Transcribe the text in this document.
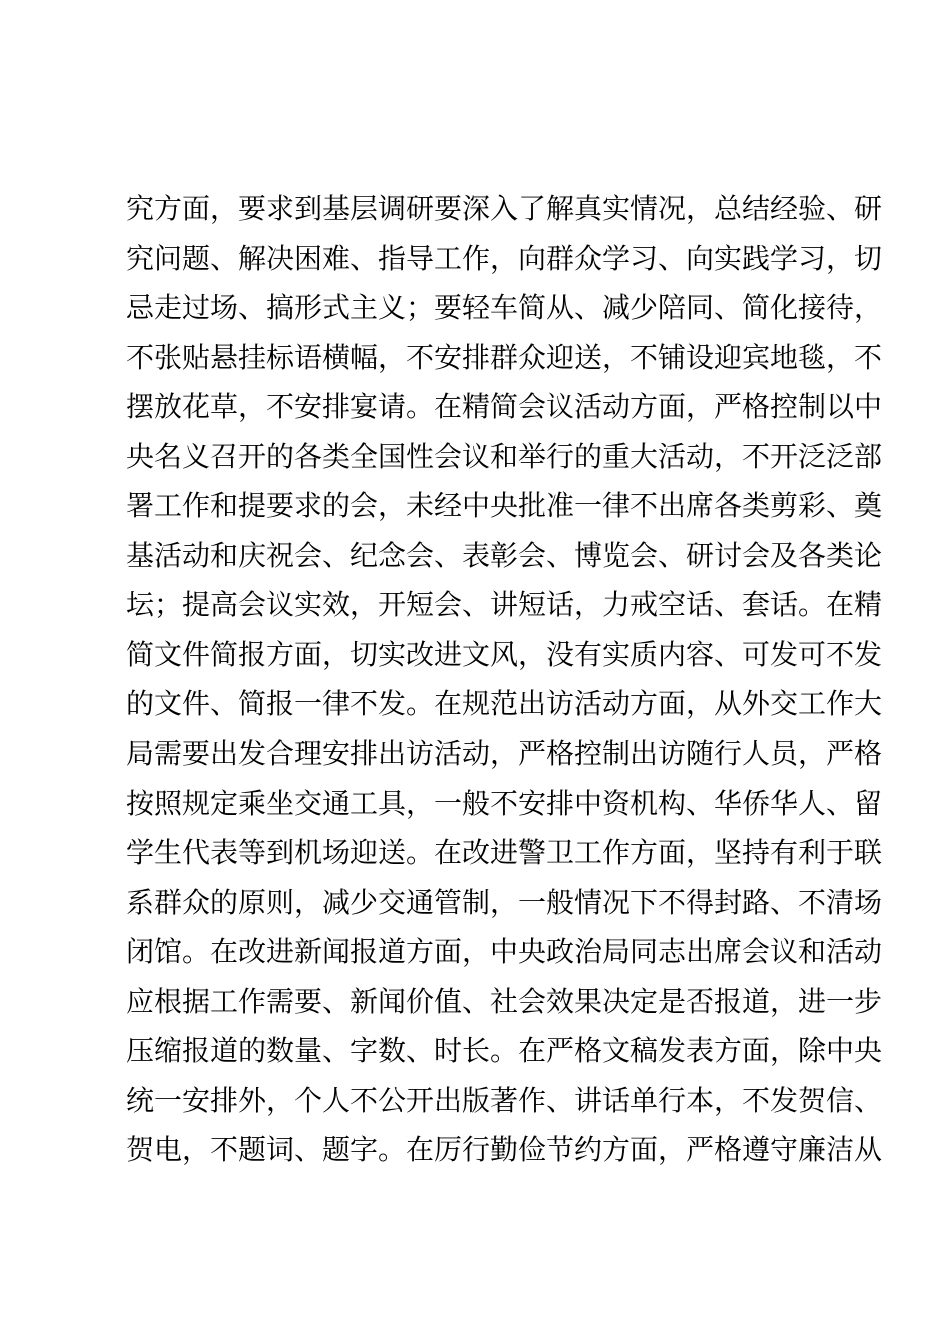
究方面，要求到基层调研要深入了解真实情况，总结经验、研
究问题、解决困难、指导工作，向群众学习、向实践学习，切
忌走过场、搞形式主义；要轻车简从、减少陪同、简化接待，
不张贴悬挂标语横幅，不安排群众迎送，不铺设迎宾地毯，不
摆放花草，不安排宴请。在精简会议活动方面，严格控制以中
央名义召开的各类全国性会议和举行的重大活动，不开泛泛部
署工作和提要求的会，未经中央批准一律不出席各类剪彩、奠
基活动和庆祝会、纪念会、表彰会、博览会、研讨会及各类论
坛；提高会议实效，开短会、讲短话，力戒空话、套话。在精
简文件简报方面，切实改进文风，没有实质内容、可发可不发
的文件、简报一律不发。在规范出访活动方面，从外交工作大
局需要出发合理安排出访活动，严格控制出访随行人员，严格
按照规定乘坐交通工具，一般不安排中资机构、华侨华人、留
学生代表等到机场迎送。在改进警卫工作方面，坚持有利于联
系群众的原则，减少交通管制，一般情况下不得封路、不清场
闭馆。在改进新闻报道方面，中央政治局同志出席会议和活动
应根据工作需要、新闻价值、社会效果决定是否报道，进一步
压缩报道的数量、字数、时长。在严格文稿发表方面，除中央
统一安排外，个人不公开出版著作、讲话单行本，不发贺信、
贺电，不题词、题字。在厉行勤俭节约方面，严格遵守廉洁从
